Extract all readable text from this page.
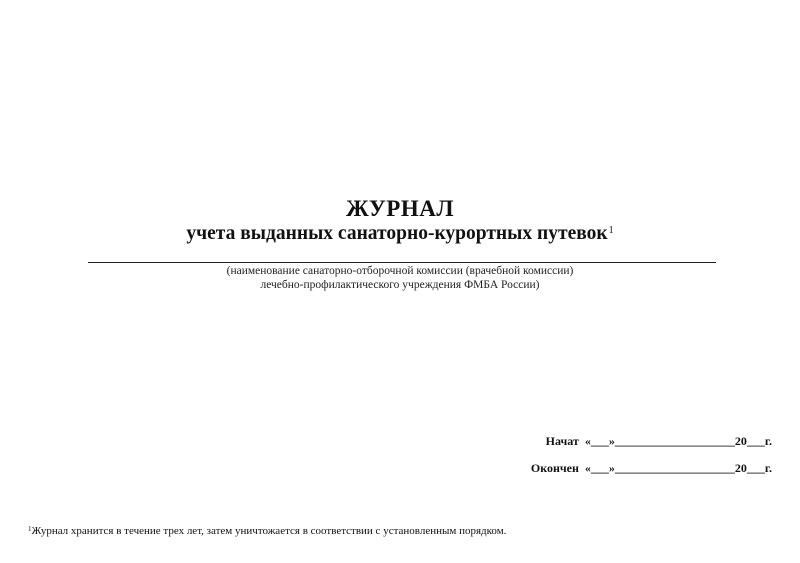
ЖУРНАЛ
учета выданных санаторно-курортных путевок$^1$
(наименование санаторно-отборочной комиссии (врачебной комиссии)
лечебно-профилактического учреждения ФМБА России)
Начат «___»____________________20___г.
Окончен «___»____________________20___г.
$^1$Журнал хранится в течение трех лет, затем уничтожается в соответствии с установленным порядком.
